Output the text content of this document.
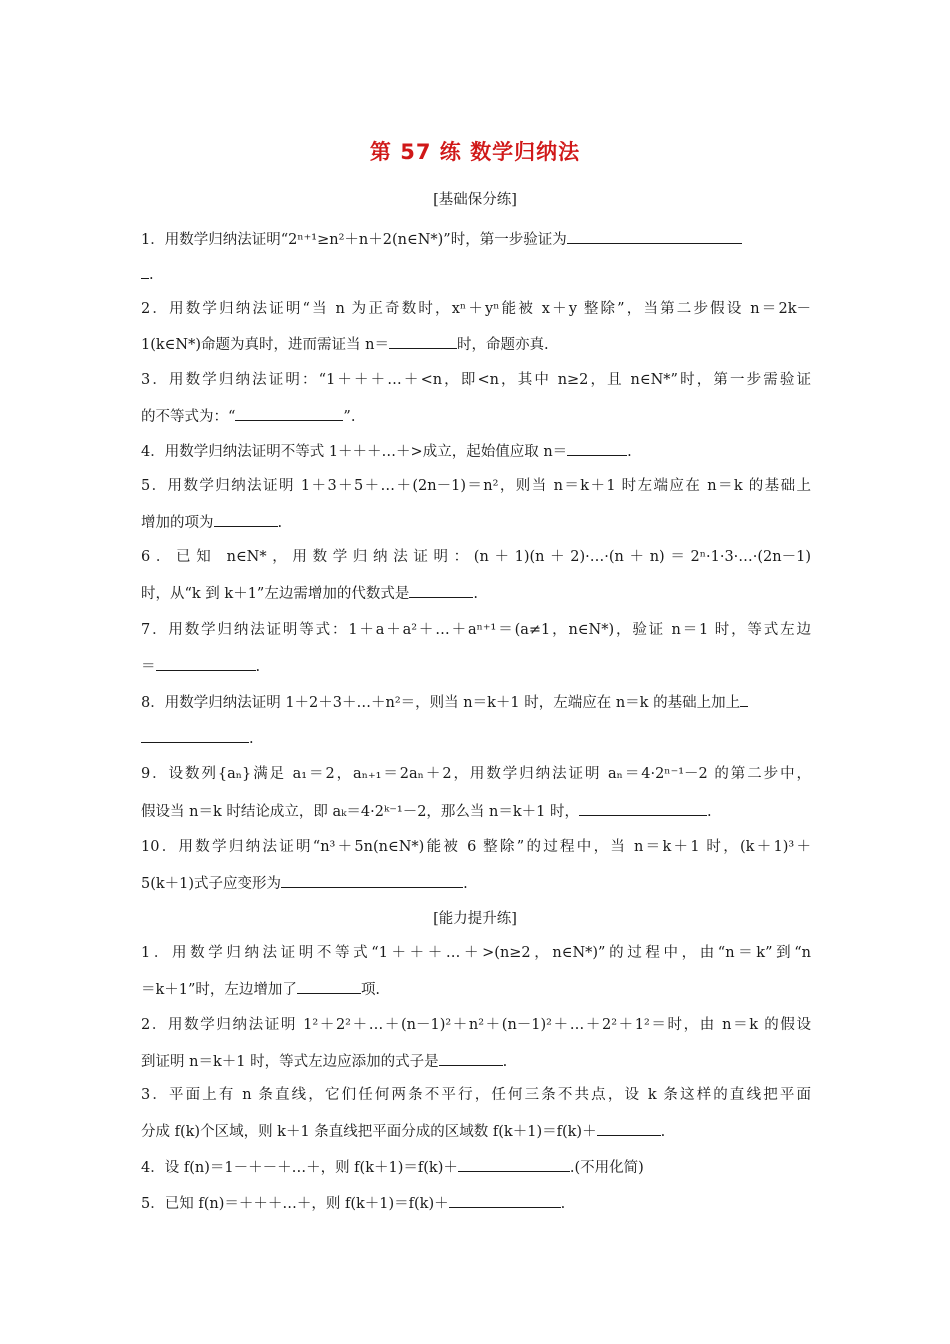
第 57 练 数学归纳法
[基础保分练]
1．用数学归纳法证明“2ⁿ⁺¹≥n²＋n＋2(n∈N*)”时，第一步验证为
.
2．用数学归纳法证明“当 n 为正奇数时，xⁿ＋yⁿ能被 x＋y 整除”，当第二步假设 n＝2k－
1(k∈N*)命题为真时，进而需证当 n＝	时，命题亦真.
3．用数学归纳法证明：“1＋＋＋…＋<n，即<n，其中 n≥2，且 n∈N*”时，第一步需验证
的不等式为：“	”.
4．用数学归纳法证明不等式 1＋＋＋…＋>成立，起始值应取 n＝	.
5．用数学归纳法证明 1＋3＋5＋…＋(2n－1)＝n²，则当 n＝k＋1 时左端应在 n＝k 的基础上
增加的项为	.
6．已知 n∈N*，用数学归纳法证明：(n＋1)(n＋2)·…·(n＋n)＝2ⁿ·1·3·…·(2n－1)
时，从“k 到 k＋1”左边需增加的代数式是	.
7．用数学归纳法证明等式：1＋a＋a²＋…＋aⁿ⁺¹＝(a≠1，n∈N*)，验证 n＝1 时，等式左边
＝	.
8．用数学归纳法证明 1＋2＋3＋…＋n²＝，则当 n＝k＋1 时，左端应在 n＝k 的基础上加上
.
9．设数列{aₙ}满足 a₁＝2，aₙ₊₁＝2aₙ＋2，用数学归纳法证明 aₙ＝4·2ⁿ⁻¹－2 的第二步中，
假设当 n＝k 时结论成立，即 aₖ＝4·2ᵏ⁻¹－2，那么当 n＝k＋1 时，	.
10．用数学归纳法证明“n³＋5n(n∈N*)能被 6 整除”的过程中，当 n＝k＋1 时，(k＋1)³＋
5(k＋1)式子应变形为	.
[能力提升练]
1．用数学归纳法证明不等式“1＋＋＋…＋>(n≥2，n∈N*)”的过程中，由“n＝k”到“n
＝k＋1”时，左边增加了	项.
2．用数学归纳法证明 1²＋2²＋…＋(n－1)²＋n²＋(n－1)²＋…＋2²＋1²＝时，由 n＝k 的假设
到证明 n＝k＋1 时，等式左边应添加的式子是	.
3．平面上有 n 条直线，它们任何两条不平行，任何三条不共点，设 k 条这样的直线把平面
分成 f(k)个区域，则 k＋1 条直线把平面分成的区域数 f(k＋1)＝f(k)＋	.
4．设 f(n)＝1－＋－＋…＋，则 f(k＋1)＝f(k)＋	.(不用化简)
5．已知 f(n)＝＋＋＋…＋，则 f(k＋1)＝f(k)＋	.
